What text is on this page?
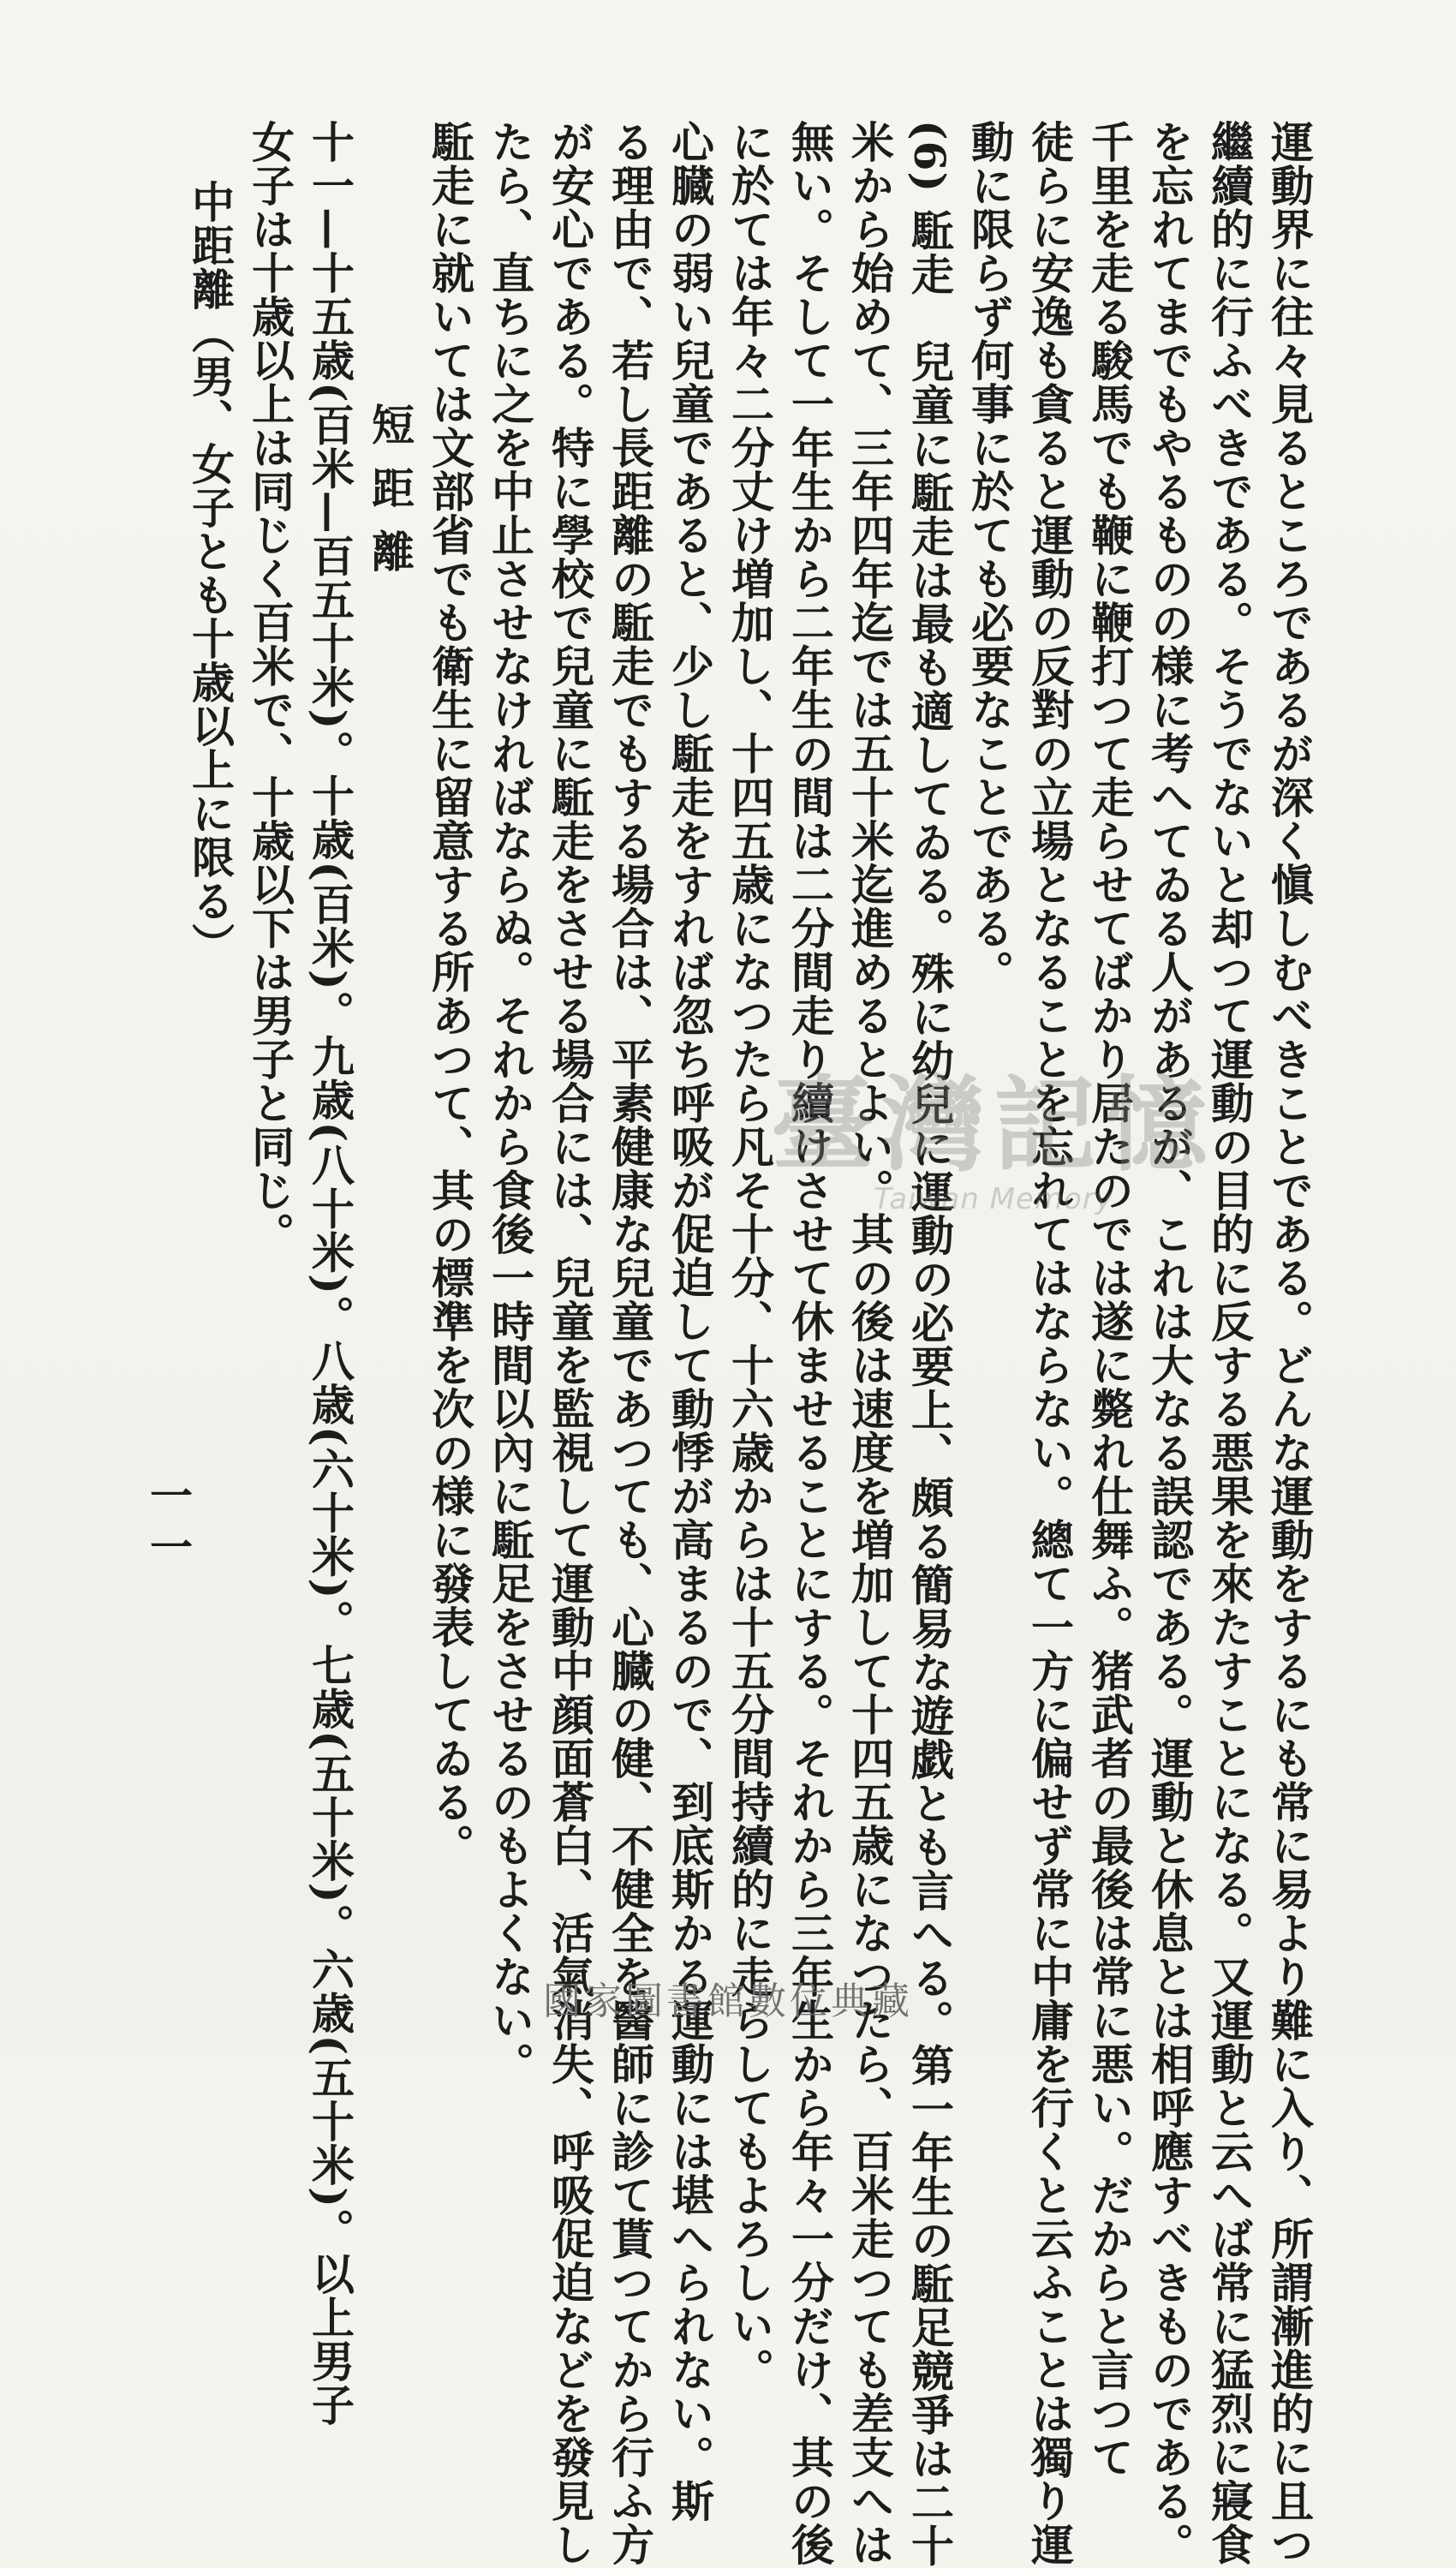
運動界に往々見るところであるが深く愼しむべきことである。どんな運動をするにも常に易より難に入り、所謂漸進的に且つ

繼續的に行ふべきである。そうでないと却つて運動の目的に反する悪果を來たすことになる。又運動と云へば常に猛烈に寢食

を忘れてまでもやるものの様に考へてゐる人があるが、これは大なる誤認である。運動と休息とは相呼應すべきものである。

千里を走る駿馬でも鞭に鞭打つて走らせてばかり居たのでは遂に斃れ仕舞ふ。猪武者の最後は常に悪い。だからと言つて

徒らに安逸も貪ると運動の反對の立場となることを忘れてはならない。總て一方に偏せず常に中庸を行くと云ふことは獨り運

動に限らず何事に於ても必要なことである。

(6) 駈走　兒童に駈走は最も適してゐる。殊に幼兒に運動の必要上、頗る簡易な遊戯とも言へる。第一年生の駈足競爭は二十

米から始めて、三年四年迄では五十米迄進めるとよい。其の後は速度を増加して十四五歳になつたら、百米走つても差支へは

無い。そして一年生から二年生の間は二分間走り續けさせて休ませることにする。それから三年生から年々一分だけ、其の後

に於ては年々二分丈け増加し、十四五歳になつたら凡そ十分、十六歳からは十五分間持續的に走らしてもよろしい。

心臓の弱い兒童であると、少し駈走をすれば忽ち呼吸が促迫して動悸が高まるので、到底斯かる運動には堪へられない。斯

る理由で、若し長距離の駈走でもする場合は、平素健康な兒童であつても、心臓の健、不健全を醫師に診て貰つてから行ふ方

が安心である。特に學校で兒童に駈走をさせる場合には、兒童を監視して運動中顔面蒼白、活氣消失、呼吸促迫などを發見し

たら、直ちに之を中止させなければならぬ。それから食後一時間以內に駈足をさせるのもよくない。

駈走に就いては文部省でも衛生に留意する所あつて、其の標準を次の様に發表してゐる。

短距離

十一—十五歳(百米—百五十米)。十歳(百米)。九歳(八十米)。八歳(六十米)。七歳(五十米)。六歳(五十米)。以上男子

女子は十歳以上は同じく百米で、十歳以下は男子と同じ。

中距離（男、女子とも十歳以上に限る）

一一
臺灣記憶
Taiwan Memory
國家圖書館數位典藏
